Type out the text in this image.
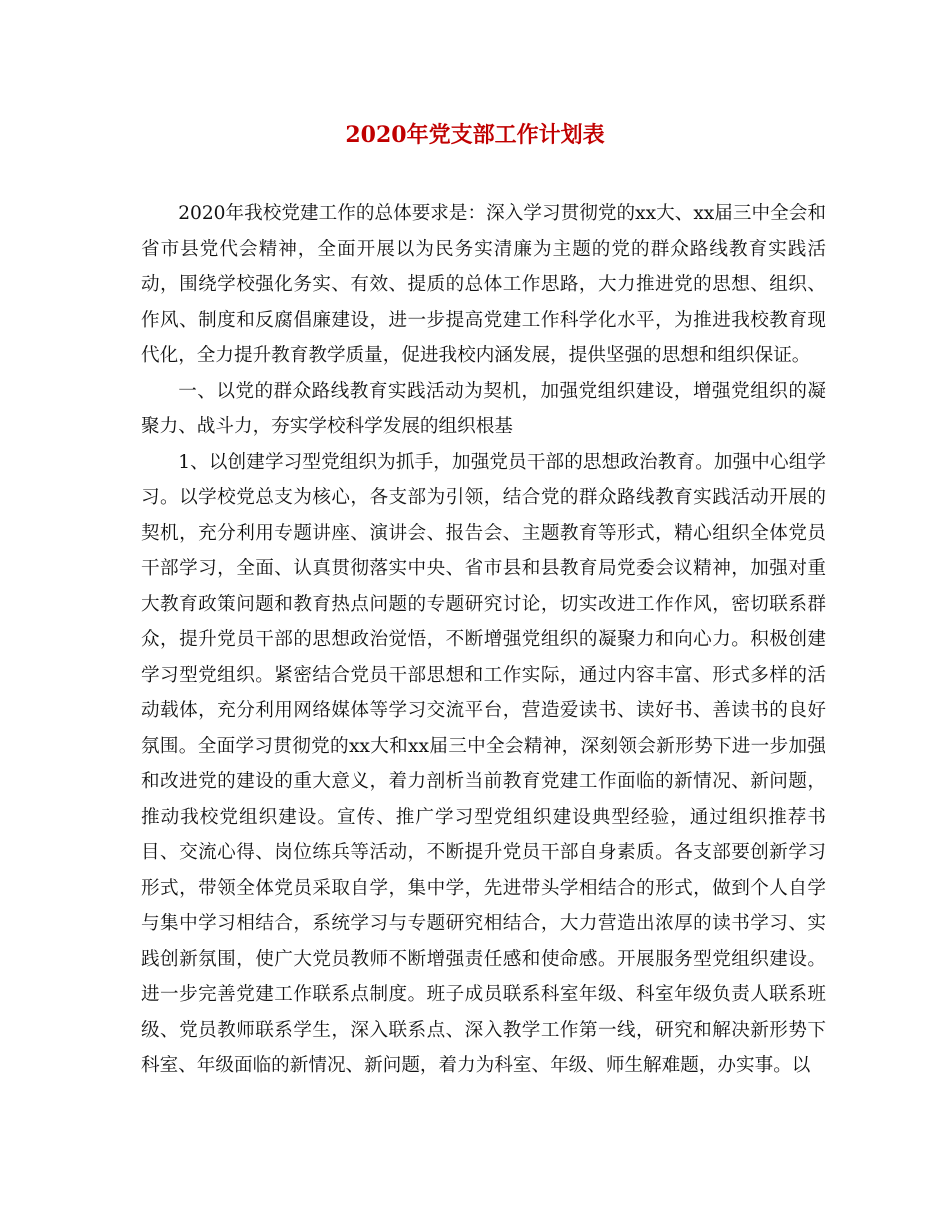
2020年党支部工作计划表

2020年我校党建工作的总体要求是：深入学习贯彻党的xx大、xx届三中全会和省市县党代会精神，全面开展以为民务实清廉为主题的党的群众路线教育实践活动，围绕学校强化务实、有效、提质的总体工作思路，大力推进党的思想、组织、作风、制度和反腐倡廉建设，进一步提高党建工作科学化水平，为推进我校教育现代化，全力提升教育教学质量，促进我校内涵发展，提供坚强的思想和组织保证。

一、以党的群众路线教育实践活动为契机，加强党组织建设，增强党组织的凝聚力、战斗力，夯实学校科学发展的组织根基

1、以创建学习型党组织为抓手，加强党员干部的思想政治教育。加强中心组学习。以学校党总支为核心，各支部为引领，结合党的群众路线教育实践活动开展的契机，充分利用专题讲座、演讲会、报告会、主题教育等形式，精心组织全体党员干部学习，全面、认真贯彻落实中央、省市县和县教育局党委会议精神，加强对重大教育政策问题和教育热点问题的专题研究讨论，切实改进工作作风，密切联系群众，提升党员干部的思想政治觉悟，不断增强党组织的凝聚力和向心力。积极创建学习型党组织。紧密结合党员干部思想和工作实际，通过内容丰富、形式多样的活动载体，充分利用网络媒体等学习交流平台，营造爱读书、读好书、善读书的良好氛围。全面学习贯彻党的xx大和xx届三中全会精神，深刻领会新形势下进一步加强和改进党的建设的重大意义，着力剖析当前教育党建工作面临的新情况、新问题，推动我校党组织建设。宣传、推广学习型党组织建设典型经验，通过组织推荐书目、交流心得、岗位练兵等活动，不断提升党员干部自身素质。各支部要创新学习形式，带领全体党员采取自学，集中学，先进带头学相结合的形式，做到个人自学与集中学习相结合，系统学习与专题研究相结合，大力营造出浓厚的读书学习、实践创新氛围，使广大党员教师不断增强责任感和使命感。开展服务型党组织建设。进一步完善党建工作联系点制度。班子成员联系科室年级、科室年级负责人联系班级、党员教师联系学生，深入联系点、深入教学工作第一线，研究和解决新形势下科室、年级面临的新情况、新问题，着力为科室、年级、师生解难题，办实事。以
